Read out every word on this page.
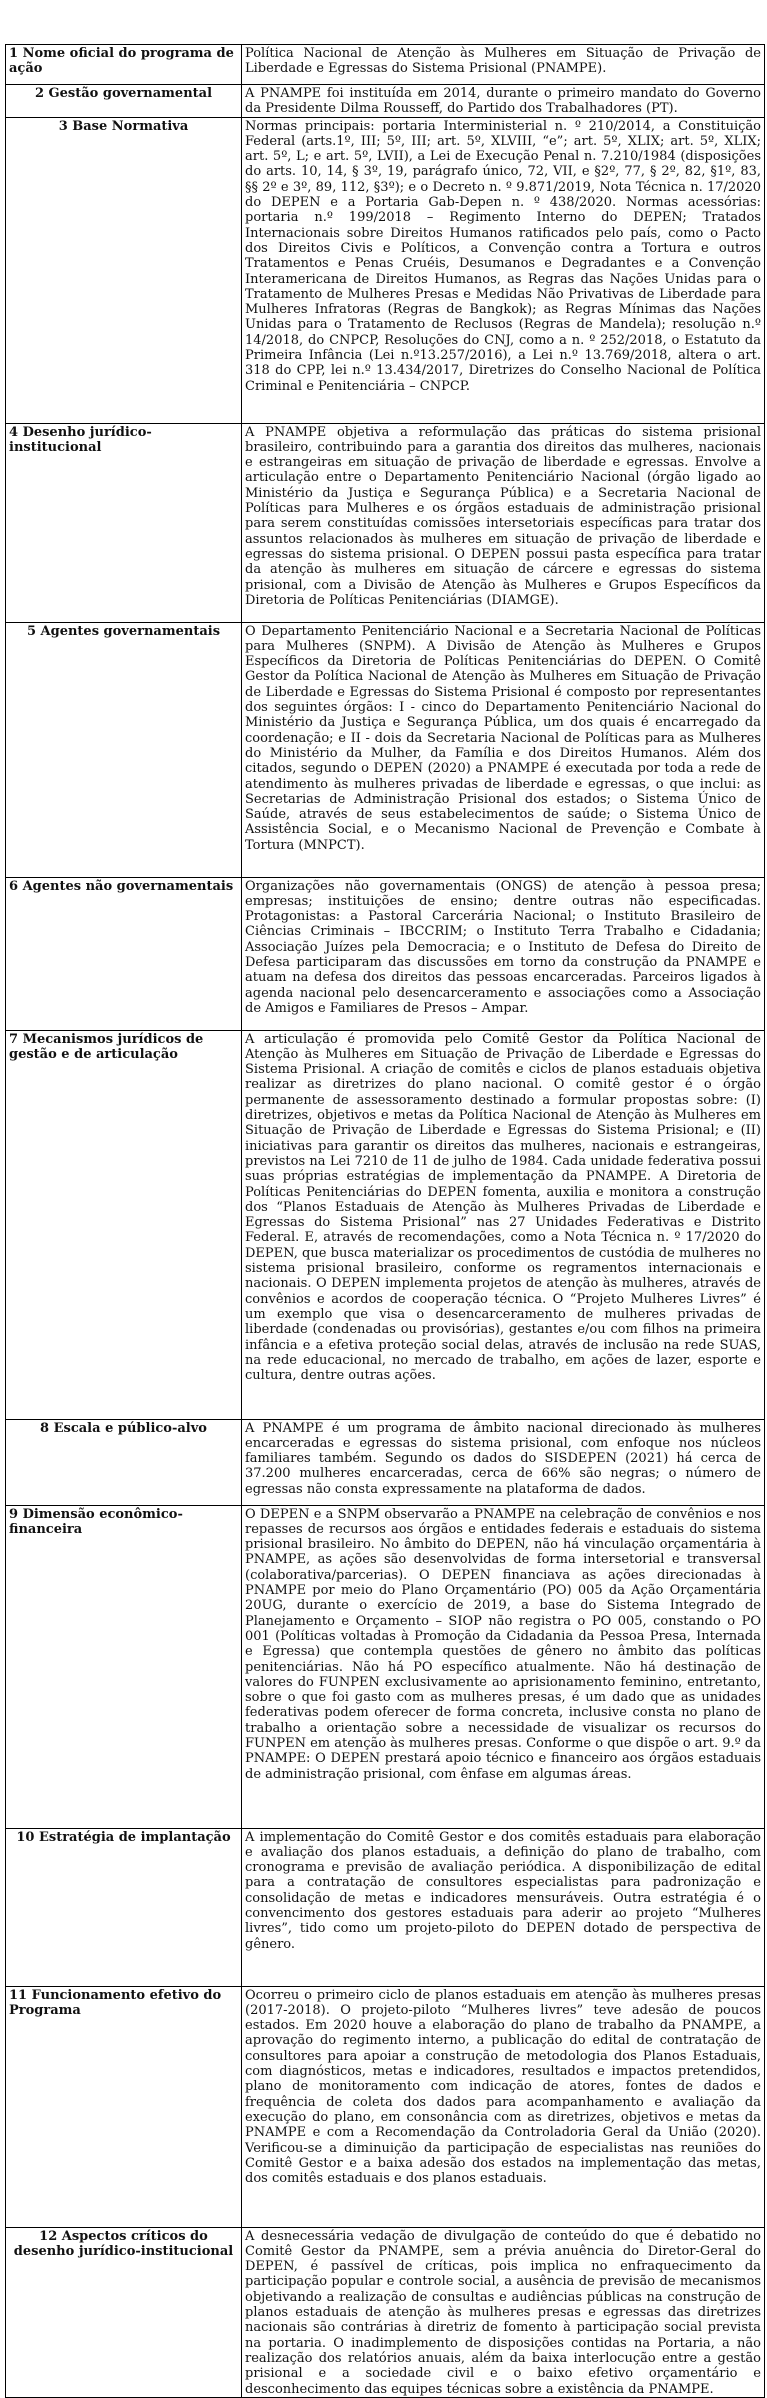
1 Nome oficial do programa de ação	Política Nacional de Atenção às Mulheres em Situação de Privação de Liberdade e Egressas do Sistema Prisional (PNAMPE).
2 Gestão governamental	A PNAMPE foi instituída em 2014, durante o primeiro mandato do Governo da Presidente Dilma Rousseff, do Partido dos Trabalhadores (PT).
3 Base Normativa	Normas principais: portaria Interministerial n. º 210/2014, a Constituição Federal (arts.1º, III; 5º, III; art. 5º, XLVIII, “e”; art. 5º, XLIX; art. 5º, XLIX; art. 5º, L; e art. 5º, LVII), a Lei de Execução Penal n. 7.210/1984 (disposições do arts. 10, 14, § 3º, 19, parágrafo único, 72, VII, e §2º, 77, § 2º, 82, §1º, 83, §§ 2º e 3º, 89, 112, §3º); e o Decreto n. º 9.871/2019, Nota Técnica n. 17/2020 do DEPEN e a Portaria Gab-Depen n. º 438/2020. Normas acessórias: portaria n.º 199/2018 – Regimento Interno do DEPEN; Tratados Internacionais sobre Direitos Humanos ratificados pelo país, como o Pacto dos Direitos Civis e Políticos, a Convenção contra a Tortura e outros Tratamentos e Penas Cruéis, Desumanos e Degradantes e a Convenção Interamericana de Direitos Humanos, as Regras das Nações Unidas para o Tratamento de Mulheres Presas e Medidas Não Privativas de Liberdade para Mulheres Infratoras (Regras de Bangkok); as Regras Mínimas das Nações Unidas para o Tratamento de Reclusos (Regras de Mandela); resolução n.º 14/2018, do CNPCP, Resoluções do CNJ, como a n. º 252/2018, o Estatuto da Primeira Infância (Lei n.º13.257/2016), a Lei n.º 13.769/2018, altera o art. 318 do CPP, lei n.º 13.434/2017, Diretrizes do Conselho Nacional de Política Criminal e Penitenciária – CNPCP.
4 Desenho jurídico-institucional	A PNAMPE objetiva a reformulação das práticas do sistema prisional brasileiro, contribuindo para a garantia dos direitos das mulheres, nacionais e estrangeiras em situação de privação de liberdade e egressas. Envolve a articulação entre o Departamento Penitenciário Nacional (órgão ligado ao Ministério da Justiça e Segurança Pública) e a Secretaria Nacional de Políticas para Mulheres e os órgãos estaduais de administração prisional para serem constituídas comissões intersetoriais específicas para tratar dos assuntos relacionados às mulheres em situação de privação de liberdade e egressas do sistema prisional. O DEPEN possui pasta específica para tratar da atenção às mulheres em situação de cárcere e egressas do sistema prisional, com a Divisão de Atenção às Mulheres e Grupos Específicos da Diretoria de Políticas Penitenciárias (DIAMGE).
5 Agentes governamentais	O Departamento Penitenciário Nacional e a Secretaria Nacional de Políticas para Mulheres (SNPM). A Divisão de Atenção às Mulheres e Grupos Específicos da Diretoria de Políticas Penitenciárias do DEPEN. O Comitê Gestor da Política Nacional de Atenção às Mulheres em Situação de Privação de Liberdade e Egressas do Sistema Prisional é composto por representantes dos seguintes órgãos: I - cinco do Departamento Penitenciário Nacional do Ministério da Justiça e Segurança Pública, um dos quais é encarregado da coordenação; e II - dois da Secretaria Nacional de Políticas para as Mulheres do Ministério da Mulher, da Família e dos Direitos Humanos. Além dos citados, segundo o DEPEN (2020) a PNAMPE é executada por toda a rede de atendimento às mulheres privadas de liberdade e egressas, o que inclui: as Secretarias de Administração Prisional dos estados; o Sistema Único de Saúde, através de seus estabelecimentos de saúde; o Sistema Único de Assistência Social, e o Mecanismo Nacional de Prevenção e Combate à Tortura (MNPCT).
6 Agentes não governamentais	Organizações não governamentais (ONGS) de atenção à pessoa presa; empresas; instituições de ensino; dentre outras não especificadas. Protagonistas: a Pastoral Carcerária Nacional; o Instituto Brasileiro de Ciências Criminais – IBCCRIM; o Instituto Terra Trabalho e Cidadania; Associação Juízes pela Democracia; e o Instituto de Defesa do Direito de Defesa participaram das discussões em torno da construção da PNAMPE e atuam na defesa dos direitos das pessoas encarceradas. Parceiros ligados à agenda nacional pelo desencarceramento e associações como a Associação de Amigos e Familiares de Presos – Ampar.
7 Mecanismos jurídicos de gestão e de articulação	A articulação é promovida pelo Comitê Gestor da Política Nacional de Atenção às Mulheres em Situação de Privação de Liberdade e Egressas do Sistema Prisional. A criação de comitês e ciclos de planos estaduais objetiva realizar as diretrizes do plano nacional. O comitê gestor é o órgão permanente de assessoramento destinado a formular propostas sobre: (I) diretrizes, objetivos e metas da Política Nacional de Atenção às Mulheres em Situação de Privação de Liberdade e Egressas do Sistema Prisional; e (II) iniciativas para garantir os direitos das mulheres, nacionais e estrangeiras, previstos na Lei 7210 de 11 de julho de 1984. Cada unidade federativa possui suas próprias estratégias de implementação da PNAMPE. A Diretoria de Políticas Penitenciárias do DEPEN fomenta, auxilia e monitora a construção dos “Planos Estaduais de Atenção às Mulheres Privadas de Liberdade e Egressas do Sistema Prisional” nas 27 Unidades Federativas e Distrito Federal. E, através de recomendações, como a Nota Técnica n. º 17/2020 do DEPEN, que busca materializar os procedimentos de custódia de mulheres no sistema prisional brasileiro, conforme os regramentos internacionais e nacionais. O DEPEN implementa projetos de atenção às mulheres, através de convênios e acordos de cooperação técnica. O “Projeto Mulheres Livres” é um exemplo que visa o desencarceramento de mulheres privadas de liberdade (condenadas ou provisórias), gestantes e/ou com filhos na primeira infância e a efetiva proteção social delas, através de inclusão na rede SUAS, na rede educacional, no mercado de trabalho, em ações de lazer, esporte e cultura, dentre outras ações.
8 Escala e público-alvo	A PNAMPE é um programa de âmbito nacional direcionado às mulheres encarceradas e egressas do sistema prisional, com enfoque nos núcleos familiares também. Segundo os dados do SISDEPEN (2021) há cerca de 37.200 mulheres encarceradas, cerca de 66% são negras; o número de egressas não consta expressamente na plataforma de dados.
9 Dimensão econômico-financeira	O DEPEN e a SNPM observarão a PNAMPE na celebração de convênios e nos repasses de recursos aos órgãos e entidades federais e estaduais do sistema prisional brasileiro. No âmbito do DEPEN, não há vinculação orçamentária à PNAMPE, as ações são desenvolvidas de forma intersetorial e transversal (colaborativa/parcerias). O DEPEN financiava as ações direcionadas à PNAMPE por meio do Plano Orçamentário (PO) 005 da Ação Orçamentária 20UG, durante o exercício de 2019, a base do Sistema Integrado de Planejamento e Orçamento – SIOP não registra o PO 005, constando o PO 001 (Políticas voltadas à Promoção da Cidadania da Pessoa Presa, Internada e Egressa) que contempla questões de gênero no âmbito das políticas penitenciárias. Não há PO específico atualmente. Não há destinação de valores do FUNPEN exclusivamente ao aprisionamento feminino, entretanto, sobre o que foi gasto com as mulheres presas, é um dado que as unidades federativas podem oferecer de forma concreta, inclusive consta no plano de trabalho a orientação sobre a necessidade de visualizar os recursos do FUNPEN em atenção às mulheres presas. Conforme o que dispõe o art. 9.º da PNAMPE: O DEPEN prestará apoio técnico e financeiro aos órgãos estaduais de administração prisional, com ênfase em algumas áreas.
10 Estratégia de implantação	A implementação do Comitê Gestor e dos comitês estaduais para elaboração e avaliação dos planos estaduais, a definição do plano de trabalho, com cronograma e previsão de avaliação periódica. A disponibilização de edital para a contratação de consultores especialistas para padronização e consolidação de metas e indicadores mensuráveis. Outra estratégia é o convencimento dos gestores estaduais para aderir ao projeto “Mulheres livres”, tido como um projeto-piloto do DEPEN dotado de perspectiva de gênero.
11 Funcionamento efetivo do Programa	Ocorreu o primeiro ciclo de planos estaduais em atenção às mulheres presas (2017-2018). O projeto-piloto “Mulheres livres” teve adesão de poucos estados. Em 2020 houve a elaboração do plano de trabalho da PNAMPE, a aprovação do regimento interno, a publicação do edital de contratação de consultores para apoiar a construção de metodologia dos Planos Estaduais, com diagnósticos, metas e indicadores, resultados e impactos pretendidos, plano de monitoramento com indicação de atores, fontes de dados e frequência de coleta dos dados para acompanhamento e avaliação da execução do plano, em consonância com as diretrizes, objetivos e metas da PNAMPE e com a Recomendação da Controladoria Geral da União (2020). Verificou-se a diminuição da participação de especialistas nas reuniões do Comitê Gestor e a baixa adesão dos estados na implementação das metas, dos comitês estaduais e dos planos estaduais.
12 Aspectos críticos do desenho jurídico-institucional	A desnecessária vedação de divulgação de conteúdo do que é debatido no Comitê Gestor da PNAMPE, sem a prévia anuência do Diretor-Geral do DEPEN, é passível de críticas, pois implica no enfraquecimento da participação popular e controle social, a ausência de previsão de mecanismos objetivando a realização de consultas e audiências públicas na construção de planos estaduais de atenção às mulheres presas e egressas das diretrizes nacionais são contrárias à diretriz de fomento à participação social prevista na portaria. O inadimplemento de disposições contidas na Portaria, a não realização dos relatórios anuais, além da baixa interlocução entre a gestão prisional e a sociedade civil e o baixo efetivo orçamentário e desconhecimento das equipes técnicas sobre a existência da PNAMPE.
